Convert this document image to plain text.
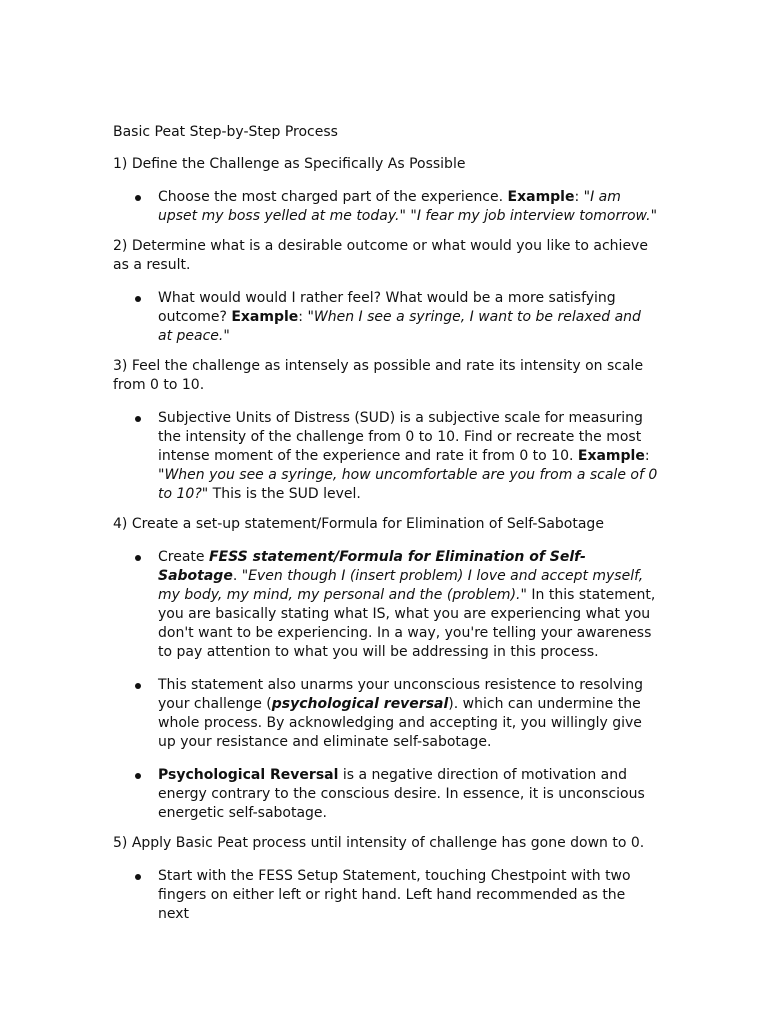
Basic Peat Step-by-Step Process

1) Define the Challenge as Specifically As Possible

Choose the most charged part of the experience. Example: "I am upset my boss yelled at me today." "I fear my job interview tomorrow."

2) Determine what is a desirable outcome or what would you like to achieve as a result.

What would would I rather feel? What would be a more satisfying outcome? Example: "When I see a syringe, I want to be relaxed and at peace."

3) Feel the challenge as intensely as possible and rate its intensity on scale from 0 to 10.

Subjective Units of Distress (SUD) is a subjective scale for measuring the intensity of the challenge from 0 to 10. Find or recreate the most intense moment of the experience and rate it from 0 to 10. Example: "When you see a syringe, how uncomfortable are you from a scale of 0 to 10?" This is the SUD level.

4) Create a set-up statement/Formula for Elimination of Self-Sabotage

Create FESS statement/Formula for Elimination of Self-Sabotage. "Even though I (insert problem) I love and accept myself, my body, my mind, my personal and the (problem)." In this statement, you are basically stating what IS, what you are experiencing what you don't want to be experiencing. In a way, you're telling your awareness to pay attention to what you will be addressing in this process.
This statement also unarms your unconscious resistence to resolving your challenge (psychological reversal). which can undermine the whole process. By acknowledging and accepting it, you willingly give up your resistance and eliminate self-sabotage.
Psychological Reversal is a negative direction of motivation and energy contrary to the conscious desire. In essence, it is unconscious energetic self-sabotage.

5) Apply Basic Peat process until intensity of challenge has gone down to 0.

Start with the FESS Setup Statement, touching Chestpoint with two fingers on either left or right hand. Left hand recommended as the next
